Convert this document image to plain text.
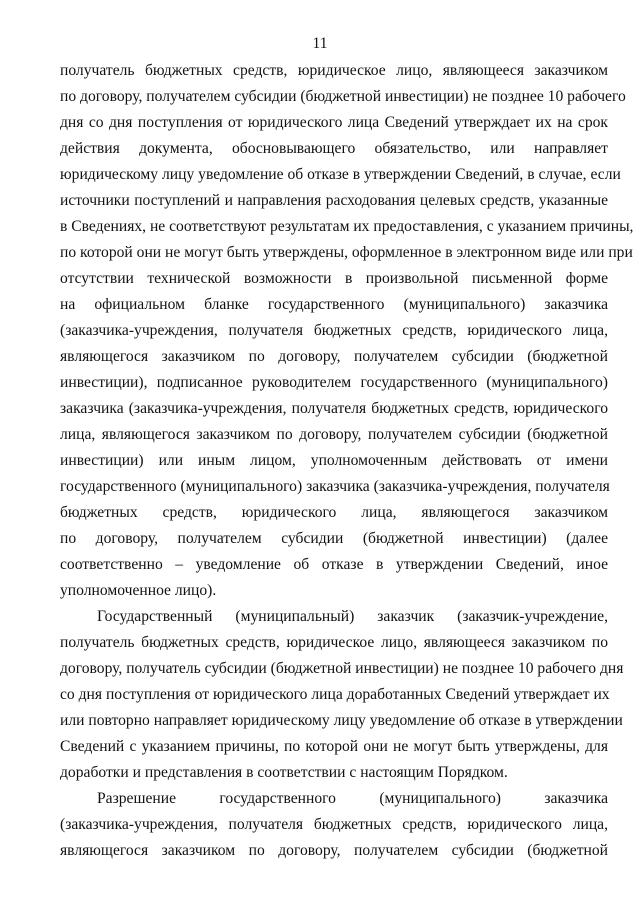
11
получатель бюджетных средств, юридическое лицо, являющееся заказчиком
по договору, получателем субсидии (бюджетной инвестиции) не позднее 10 рабочего
дня со дня поступления от юридического лица Сведений утверждает их на срок
действия документа, обосновывающего обязательство, или направляет
юридическому лицу уведомление об отказе в утверждении Сведений, в случае, если
источники поступлений и направления расходования целевых средств, указанные
в Сведениях, не соответствуют результатам их предоставления, с указанием причины,
по которой они не могут быть утверждены, оформленное в электронном виде или при
отсутствии технической возможности в произвольной письменной форме
на официальном бланке государственного (муниципального) заказчика
(заказчика-учреждения, получателя бюджетных средств, юридического лица,
являющегося заказчиком по договору, получателем субсидии (бюджетной
инвестиции), подписанное руководителем государственного (муниципального)
заказчика (заказчика-учреждения, получателя бюджетных средств, юридического
лица, являющегося заказчиком по договору, получателем субсидии (бюджетной
инвестиции) или иным лицом, уполномоченным действовать от имени
государственного (муниципального) заказчика (заказчика-учреждения, получателя
бюджетных средств, юридического лица, являющегося заказчиком
по договору, получателем субсидии (бюджетной инвестиции) (далее
соответственно – уведомление об отказе в утверждении Сведений, иное
уполномоченное лицо).
Государственный (муниципальный) заказчик (заказчик-учреждение,
получатель бюджетных средств, юридическое лицо, являющееся заказчиком по
договору, получатель субсидии (бюджетной инвестиции) не позднее 10 рабочего дня
со дня поступления от юридического лица доработанных Сведений утверждает их
или повторно направляет юридическому лицу уведомление об отказе в утверждении
Сведений с указанием причины, по которой они не могут быть утверждены, для
доработки и представления в соответствии с настоящим Порядком.
Разрешение государственного (муниципального) заказчика
(заказчика-учреждения, получателя бюджетных средств, юридического лица,
являющегося заказчиком по договору, получателем субсидии (бюджетной
